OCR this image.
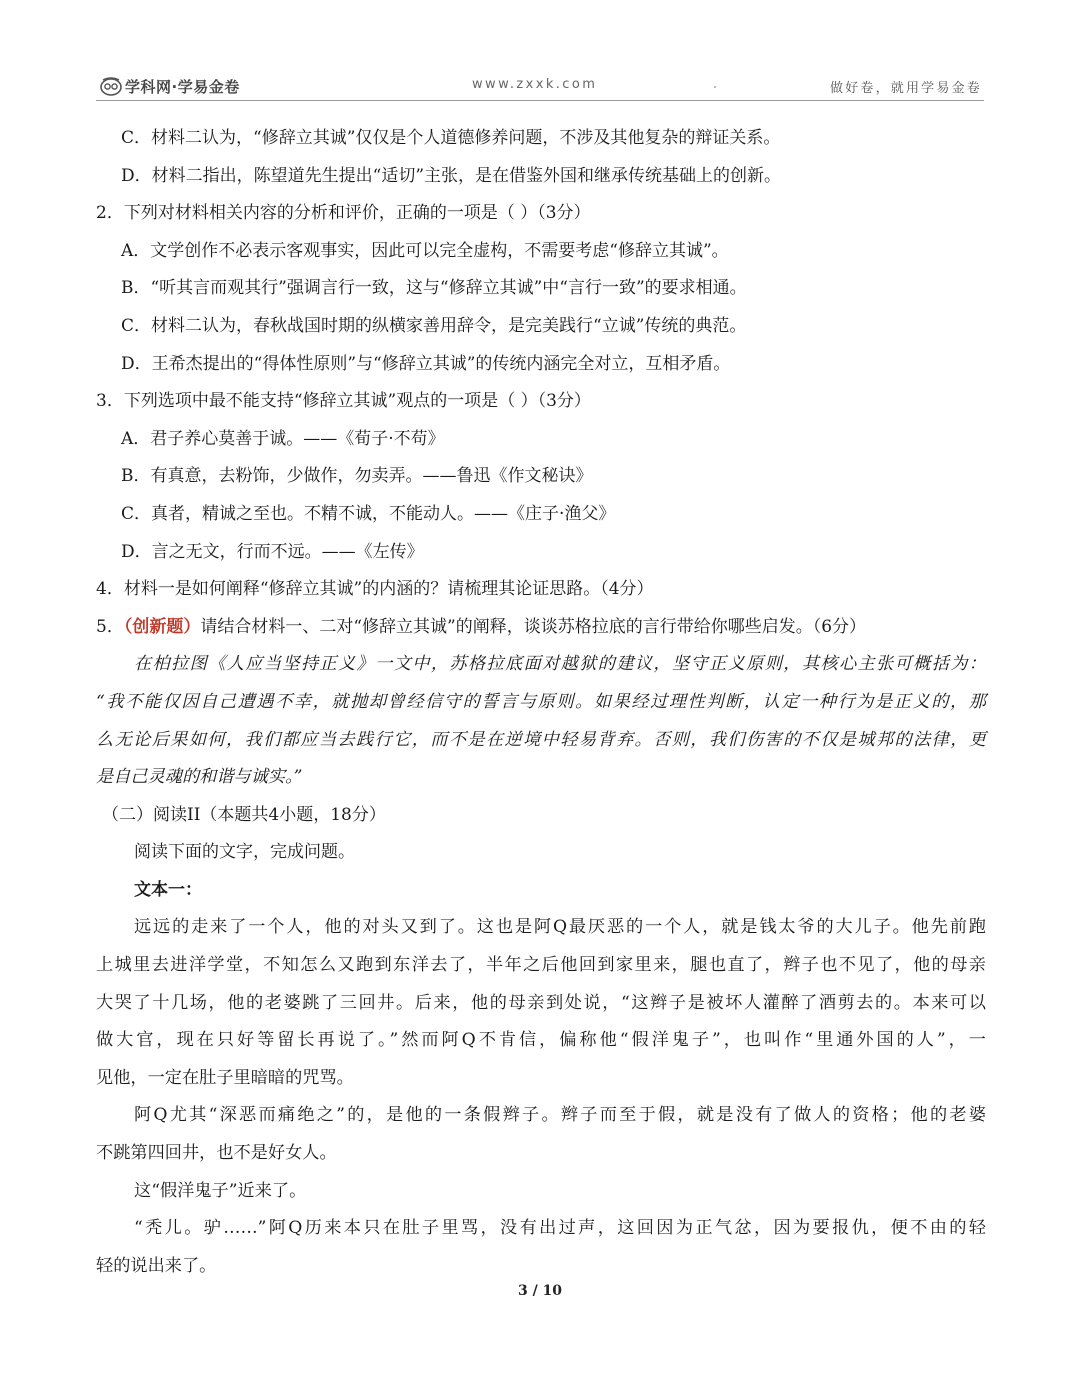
学科网·学易金卷	www.zxxk.com	做好卷，就用学易金卷
C．材料二认为，“修辞立其诚”仅仅是个人道德修养问题，不涉及其他复杂的辩证关系。
D．材料二指出，陈望道先生提出“适切”主张，是在借鉴外国和继承传统基础上的创新。
2．下列对材料相关内容的分析和评价，正确的一项是（ ）（3分）
A．文学创作不必表示客观事实，因此可以完全虚构，不需要考虑“修辞立其诚”。
B．“听其言而观其行”强调言行一致，这与“修辞立其诚”中“言行一致”的要求相通。
C．材料二认为，春秋战国时期的纵横家善用辞令，是完美践行“立诚”传统的典范。
D．王希杰提出的“得体性原则”与“修辞立其诚”的传统内涵完全对立，互相矛盾。
3．下列选项中最不能支持“修辞立其诚”观点的一项是（ ）（3分）
A．君子养心莫善于诚。——《荀子·不苟》
B．有真意，去粉饰，少做作，勿卖弄。——鲁迅《作文秘诀》
C．真者，精诚之至也。不精不诚，不能动人。——《庄子·渔父》
D．言之无文，行而不远。——《左传》
4．材料一是如何阐释“修辞立其诚”的内涵的？请梳理其论证思路。（4分）
5．（创新题）请结合材料一、二对“修辞立其诚”的阐释，谈谈苏格拉底的言行带给你哪些启发。（6分）
在柏拉图《人应当坚持正义》一文中，苏格拉底面对越狱的建议，坚守正义原则，其核心主张可概括为：
“我不能仅因自己遭遇不幸，就抛却曾经信守的誓言与原则。如果经过理性判断，认定一种行为是正义的，那
么无论后果如何，我们都应当去践行它，而不是在逆境中轻易背弃。否则，我们伤害的不仅是城邦的法律，更
是自己灵魂的和谐与诚实。”
（二）阅读II（本题共4小题，18分）
阅读下面的文字，完成问题。
文本一：
远远的走来了一个人，他的对头又到了。这也是阿Q最厌恶的一个人，就是钱太爷的大儿子。他先前跑
上城里去进洋学堂，不知怎么又跑到东洋去了，半年之后他回到家里来，腿也直了，辫子也不见了，他的母亲
大哭了十几场，他的老婆跳了三回井。后来，他的母亲到处说，“这辫子是被坏人灌醉了酒剪去的。本来可以
做大官，现在只好等留长再说了。”然而阿Q不肯信，偏称他“假洋鬼子”，也叫作“里通外国的人”，一
见他，一定在肚子里暗暗的咒骂。
阿Q尤其“深恶而痛绝之”的，是他的一条假辫子。辫子而至于假，就是没有了做人的资格；他的老婆
不跳第四回井，也不是好女人。
这“假洋鬼子”近来了。
“秃儿。驴……”阿Q历来本只在肚子里骂，没有出过声，这回因为正气忿，因为要报仇，便不由的轻
轻的说出来了。
3 / 10
